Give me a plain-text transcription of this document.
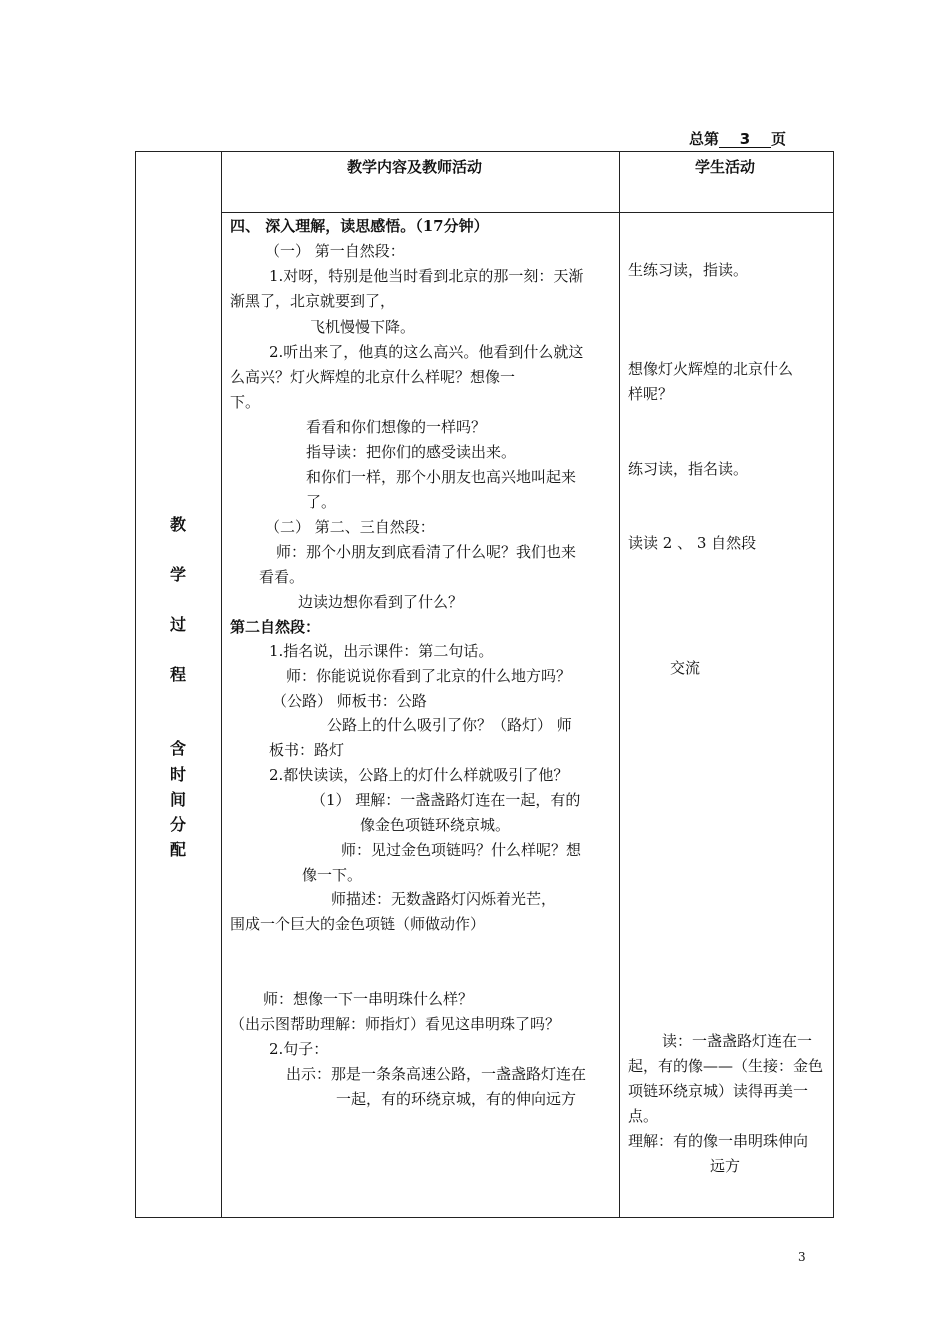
总第 3 页
教学内容及教师活动	学生活动
教
学
过
程
含
时
间
分
配
四、 深入理解，读思感悟。（17分钟）
（一） 第一自然段：
1.对呀，特别是他当时看到北京的那一刻：天渐
渐黑了，北京就要到了，
飞机慢慢下降。
2.听出来了，他真的这么高兴。他看到什么就这
么高兴？灯火辉煌的北京什么样呢？想像一
下。
看看和你们想像的一样吗？
指导读：把你们的感受读出来。
和你们一样，那个小朋友也高兴地叫起来
了。
（二） 第二、三自然段：
师：那个小朋友到底看清了什么呢？我们也来
看看。
边读边想你看到了什么？
第二自然段：
1.指名说，出示课件：第二句话。
师：你能说说你看到了北京的什么地方吗？
（公路） 师板书：公路
公路上的什么吸引了你？（路灯） 师
板书：路灯
2.都快读读，公路上的灯什么样就吸引了他？
（1） 理解：一盏盏路灯连在一起，有的
像金色项链环绕京城。
师：见过金色项链吗？什么样呢？想
像一下。
师描述：无数盏路灯闪烁着光芒，
围成一个巨大的金色项链（师做动作）
师：想像一下一串明珠什么样？
（出示图帮助理解：师指灯）看见这串明珠了吗？
2.句子：
出示：那是一条条高速公路，一盏盏路灯连在
一起，有的环绕京城，有的伸向远方
生练习读，指读。
想像灯火辉煌的北京什么
样呢？
练习读，指名读。
读读 2 、 3 自然段
交流
读：一盏盏路灯连在一
起，有的像——（生接：金色
项链环绕京城）读得再美一
点。
理解：有的像一串明珠伸向
远方
3
